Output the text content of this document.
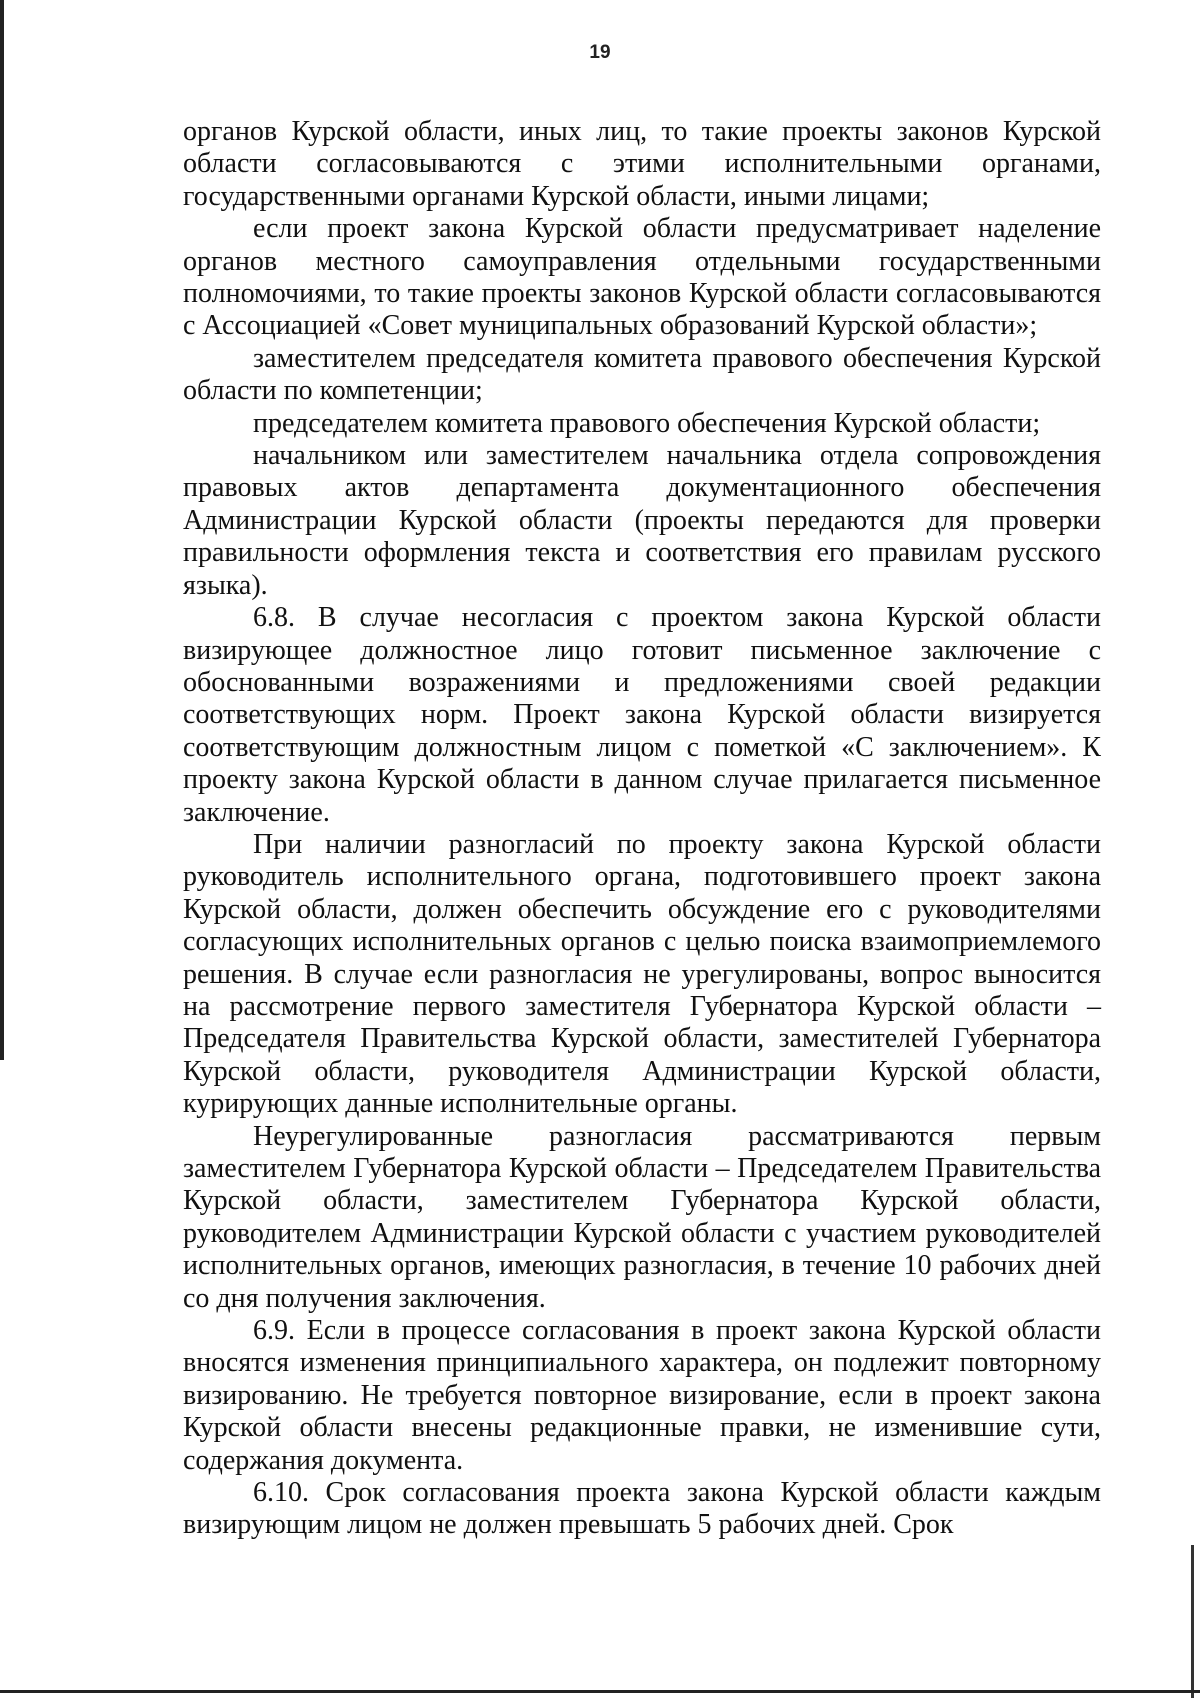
19

органов Курской области, иных лиц, то такие проекты законов Курской области согласовываются с этими исполнительными органами, государственными органами Курской области, иными лицами;

если проект закона Курской области предусматривает наделение органов местного самоуправления отдельными государственными полномочиями, то такие проекты законов Курской области согласовываются с Ассоциацией «Совет муниципальных образований Курской области»;

заместителем председателя комитета правового обеспечения Курской области по компетенции;

председателем комитета правового обеспечения Курской области;

начальником или заместителем начальника отдела сопровождения правовых актов департамента документационного обеспечения Администрации Курской области (проекты передаются для проверки правильности оформления текста и соответствия его правилам русского языка).

6.8. В случае несогласия с проектом закона Курской области визирующее должностное лицо готовит письменное заключение с обоснованными возражениями и предложениями своей редакции соответствующих норм. Проект закона Курской области визируется соответствующим должностным лицом с пометкой «С заключением». К проекту закона Курской области в данном случае прилагается письменное заключение.

При наличии разногласий по проекту закона Курской области руководитель исполнительного органа, подготовившего проект закона Курской области, должен обеспечить обсуждение его с руководителями согласующих исполнительных органов с целью поиска взаимоприемлемого решения. В случае если разногласия не урегулированы, вопрос выносится на рассмотрение первого заместителя Губернатора Курской области – Председателя Правительства Курской области, заместителей Губернатора Курской области, руководителя Администрации Курской области, курирующих данные исполнительные органы.

Неурегулированные разногласия рассматриваются первым заместителем Губернатора Курской области – Председателем Правительства Курской области, заместителем Губернатора Курской области, руководителем Администрации Курской области с участием руководителей исполнительных органов, имеющих разногласия, в течение 10 рабочих дней со дня получения заключения.

6.9. Если в процессе согласования в проект закона Курской области вносятся изменения принципиального характера, он подлежит повторному визированию. Не требуется повторное визирование, если в проект закона Курской области внесены редакционные правки, не изменившие сути, содержания документа.

6.10. Срок согласования проекта закона Курской области каждым визирующим лицом не должен превышать 5 рабочих дней. Срок
